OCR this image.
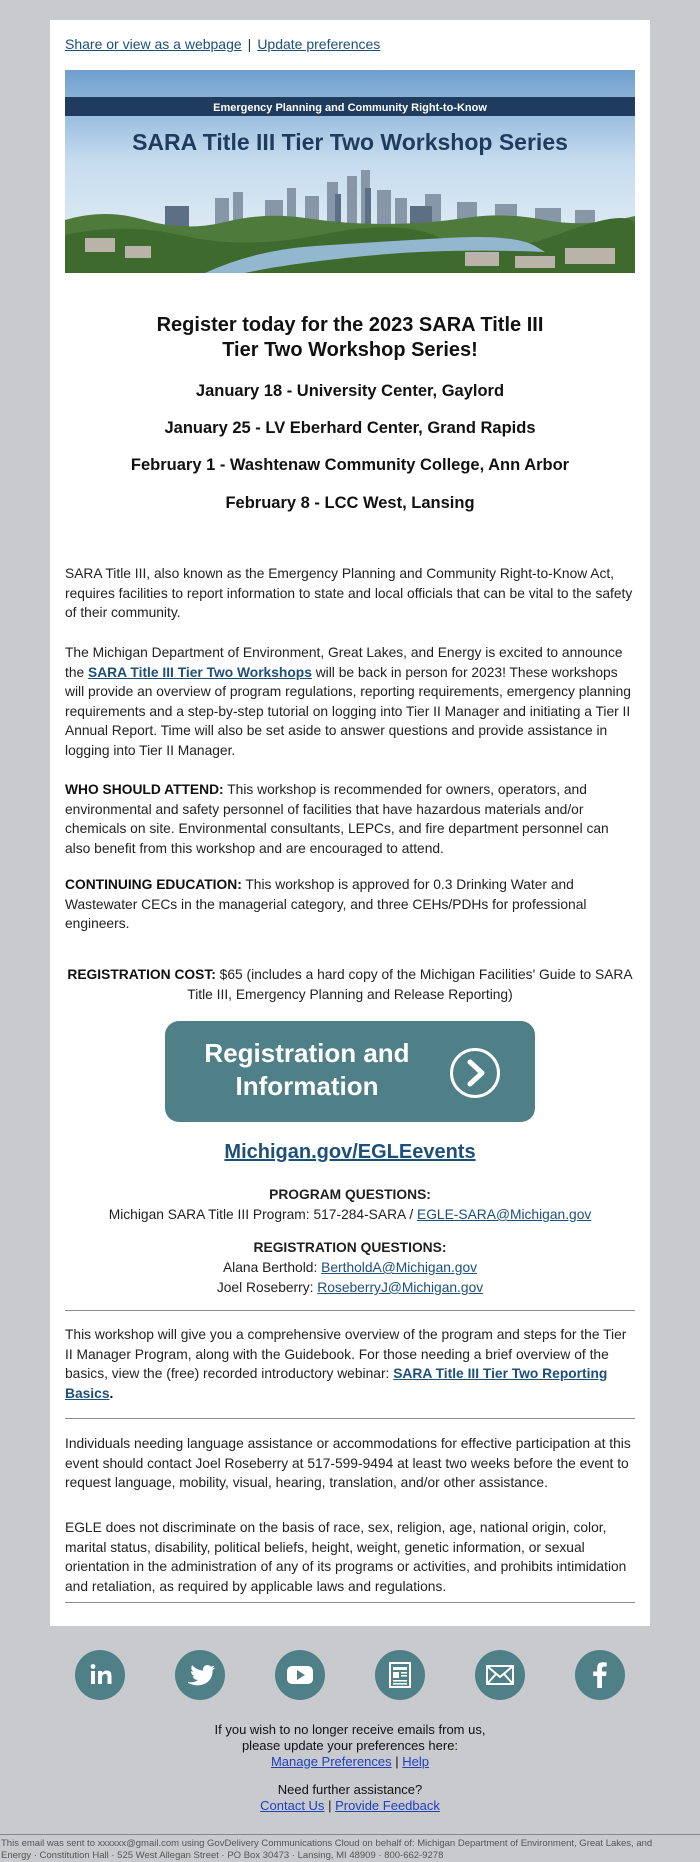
Share or view as a webpage | Update preferences
Emergency Planning and Community Right-to-Know
SARA Title III Tier Two Workshop Series
Register today for the 2023 SARA Title III
Tier Two Workshop Series!
January 18 - University Center, Gaylord
January 25 - LV Eberhard Center, Grand Rapids
February 1 - Washtenaw Community College, Ann Arbor
February 8 - LCC West, Lansing
SARA Title III, also known as the Emergency Planning and Community Right-to-Know Act, requires facilities to report information to state and local officials that can be vital to the safety of their community.
The Michigan Department of Environment, Great Lakes, and Energy is excited to announce the SARA Title III Tier Two Workshops will be back in person for 2023! These workshops will provide an overview of program regulations, reporting requirements, emergency planning requirements and a step-by-step tutorial on logging into Tier II Manager and initiating a Tier II Annual Report. Time will also be set aside to answer questions and provide assistance in logging into Tier II Manager.
WHO SHOULD ATTEND: This workshop is recommended for owners, operators, and environmental and safety personnel of facilities that have hazardous materials and/or chemicals on site. Environmental consultants, LEPCs, and fire department personnel can also benefit from this workshop and are encouraged to attend.
CONTINUING EDUCATION: This workshop is approved for 0.3 Drinking Water and Wastewater CECs in the managerial category, and three CEHs/PDHs for professional engineers.
REGISTRATION COST: $65 (includes a hard copy of the Michigan Facilities' Guide to SARA Title III, Emergency Planning and Release Reporting)
Registration and Information
Michigan.gov/EGLEevents
PROGRAM QUESTIONS:
Michigan SARA Title III Program: 517-284-SARA / EGLE-SARA@Michigan.gov
REGISTRATION QUESTIONS:
Alana Berthold: BertholdA@Michigan.gov
Joel Roseberry: RoseberryJ@Michigan.gov
This workshop will give you a comprehensive overview of the program and steps for the Tier II Manager Program, along with the Guidebook. For those needing a brief overview of the basics, view the (free) recorded introductory webinar: SARA Title III Tier Two Reporting Basics.
Individuals needing language assistance or accommodations for effective participation at this event should contact Joel Roseberry at 517-599-9494 at least two weeks before the event to request language, mobility, visual, hearing, translation, and/or other assistance.
EGLE does not discriminate on the basis of race, sex, religion, age, national origin, color, marital status, disability, political beliefs, height, weight, genetic information, or sexual orientation in the administration of any of its programs or activities, and prohibits intimidation and retaliation, as required by applicable laws and regulations.
If you wish to no longer receive emails from us,
please update your preferences here:
Manage Preferences | Help
Need further assistance?
Contact Us | Provide Feedback
This email was sent to xxxxxx@gmail.com using GovDelivery Communications Cloud on behalf of: Michigan Department of Environment, Great Lakes, and
Energy · Constitution Hall · 525 West Allegan Street · PO Box 30473 · Lansing, MI 48909 · 800-662-9278
